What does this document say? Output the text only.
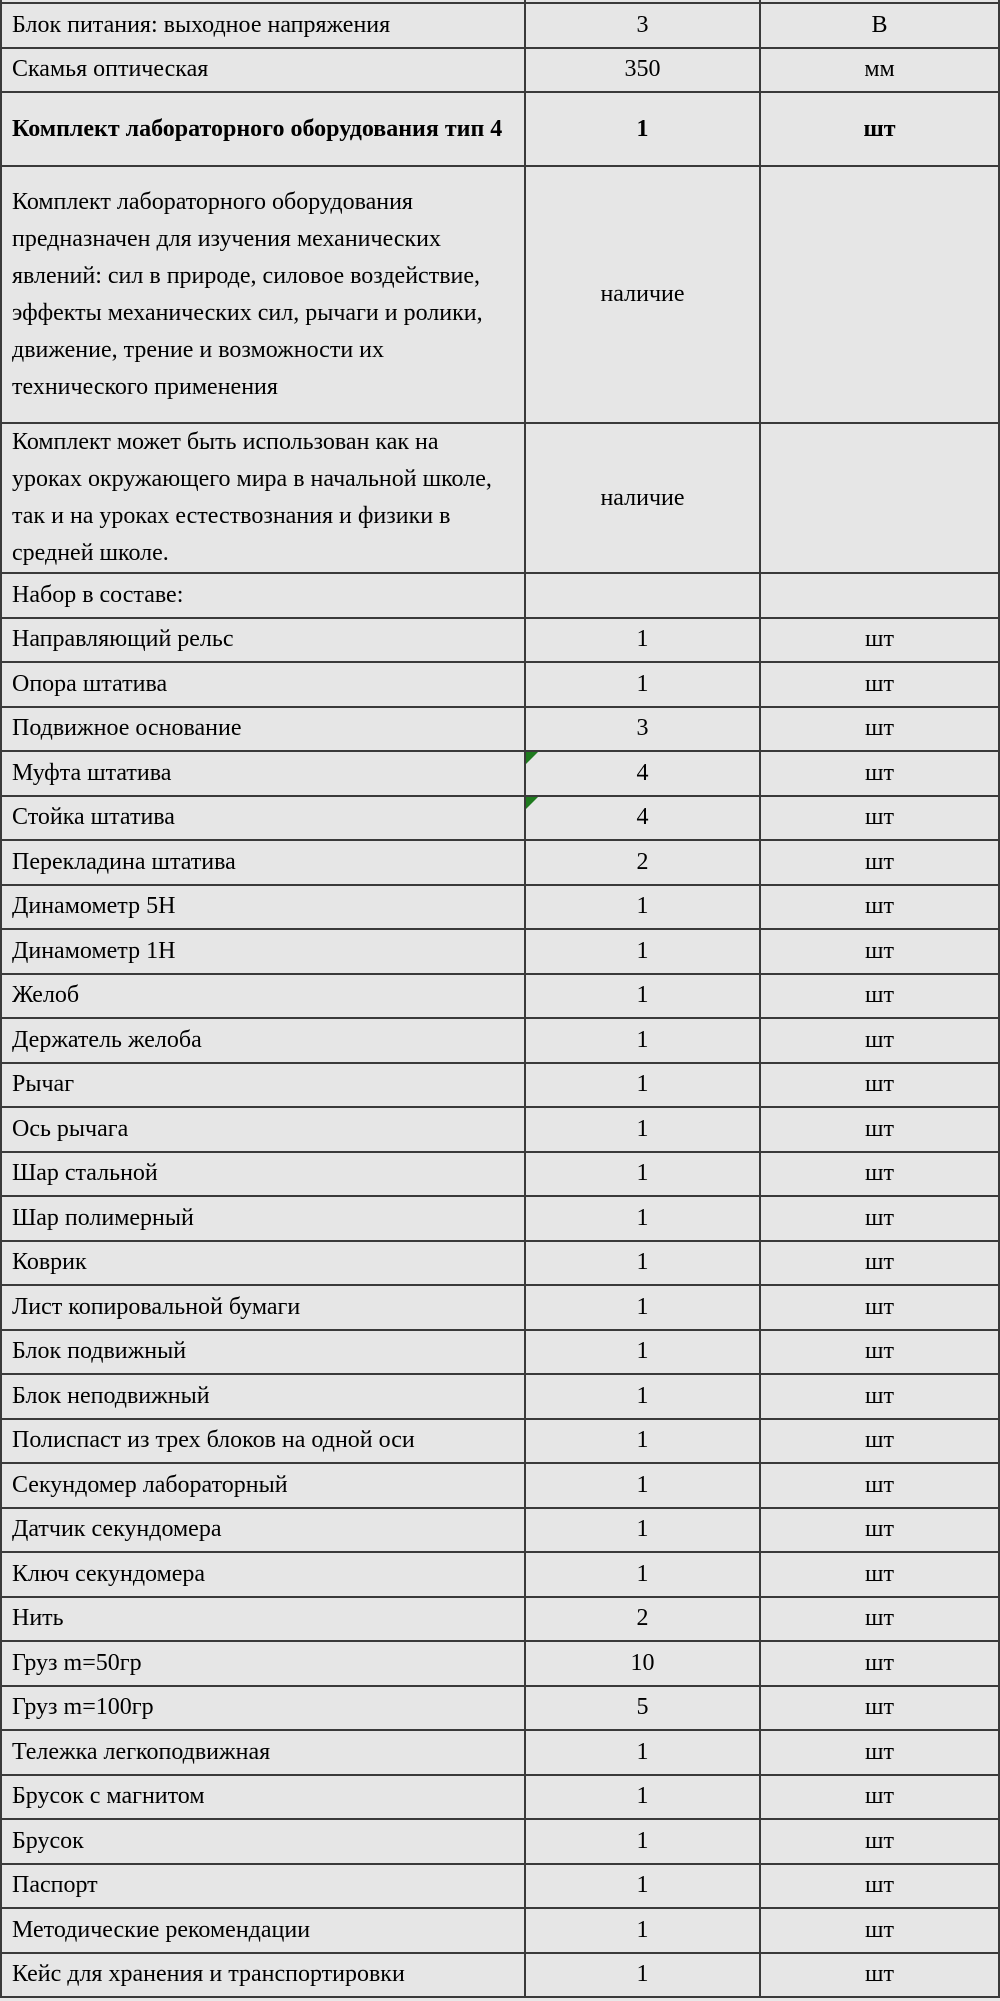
Блок питания: выходное напряжения	3	В
Скамья оптическая	350	мм
Комплект лабораторного оборудования тип 4	1	шт
Комплект лабораторного оборудования предназначен для изучения механических явлений: сил в природе, силовое воздействие, эффекты механических сил, рычаги и ролики, движение, трение и возможности их технического применения	наличие	
Комплект может быть использован как на уроках окружающего мира в начальной школе, так и на уроках естествознания и физики в средней школе.	наличие	
Набор в составе:		
Направляющий рельс	1	шт
Опора штатива	1	шт
Подвижное основание	3	шт
Муфта штатива	4	шт
Стойка штатива	4	шт
Перекладина штатива	2	шт
Динамометр 5Н	1	шт
Динамометр 1Н	1	шт
Желоб	1	шт
Держатель желоба	1	шт
Рычаг	1	шт
Ось рычага	1	шт
Шар стальной	1	шт
Шар полимерный	1	шт
Коврик	1	шт
Лист копировальной бумаги	1	шт
Блок подвижный	1	шт
Блок неподвижный	1	шт
Полиспаст из трех блоков на одной оси	1	шт
Секундомер лабораторный	1	шт
Датчик секундомера	1	шт
Ключ секундомера	1	шт
Нить	2	шт
Груз m=50гр	10	шт
Груз m=100гр	5	шт
Тележка легкоподвижная	1	шт
Брусок с магнитом	1	шт
Брусок	1	шт
Паспорт	1	шт
Методические рекомендации	1	шт
Кейс для хранения и транспортировки	1	шт
